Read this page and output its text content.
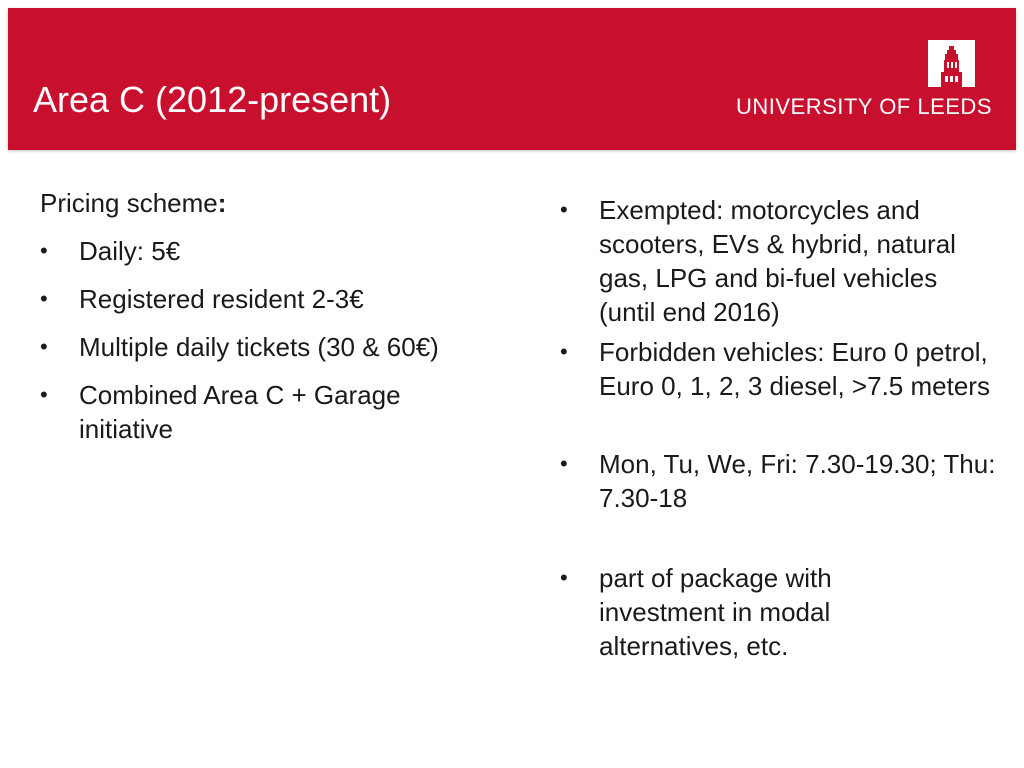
Area C (2012-present)	UNIVERSITY OF LEEDS

Pricing scheme:

•	Daily: 5€
•	Registered resident 2-3€
•	Multiple daily tickets (30 & 60€)
•	Combined Area C + Garage initiative
•	Exempted: motorcycles and scooters, EVs & hybrid, natural gas, LPG and bi-fuel vehicles (until end 2016)
•	Forbidden vehicles: Euro 0 petrol, Euro 0, 1, 2, 3 diesel, >7.5 meters
•	Mon, Tu, We, Fri: 7.30-19.30; Thu: 7.30-18
•	part of package with investment in modal alternatives, etc.
